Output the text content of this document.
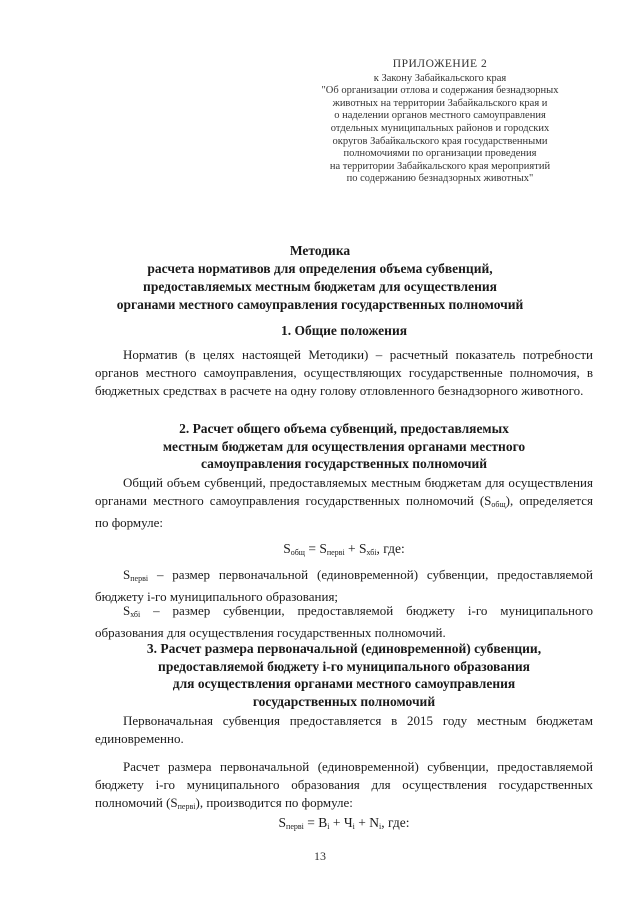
ПРИЛОЖЕНИЕ 2
к Закону Забайкальского края
"Об организации отлова и содержания безнадзорных
животных на территории Забайкальского края и
о наделении органов местного самоуправления
отдельных муниципальных районов и городских
округов Забайкальского края государственными
полномочиями по организации проведения
на территории Забайкальского края мероприятий
по содержанию безнадзорных животных"
Методика
расчета нормативов для определения объема субвенций,
предоставляемых местным бюджетам для осуществления
органами местного самоуправления государственных полномочий
1. Общие положения

Норматив (в целях настоящей Методики) – расчетный показатель потребности органов местного самоуправления, осуществляющих государственные полномочия, в бюджетных средствах в расчете на одну голову отловленного безнадзорного животного.

2. Расчет общего объема субвенций, предоставляемых
местным бюджетам для осуществления органами местного
самоуправления государственных полномочий

Общий объем субвенций, предоставляемых местным бюджетам для осуществления органами местного самоуправления государственных полномочий $(S_{общ})$, определяется по формуле:

$S_{общ} = S_{перві} + S_{хбі}$, где:

$S_{перві}$ – размер первоначальной (единовременной) субвенции, предоставляемой бюджету i-го муниципального образования;

$S_{хбі}$ – размер субвенции, предоставляемой бюджету i-го муниципального образования для осуществления государственных полномочий.

3. Расчет размера первоначальной (единовременной) субвенции,
предоставляемой бюджету i-го муниципального образования
для осуществления органами местного самоуправления
государственных полномочий

Первоначальная субвенция предоставляется в 2015 году местным бюджетам единовременно.

Расчет размера первоначальной (единовременной) субвенции, предоставляемой бюджету i-го муниципального образования для осуществления государственных полномочий $(S_{перві})$, производится по формуле:

$S_{перві} = B_i + Ч_i + N_i$, где:

13
